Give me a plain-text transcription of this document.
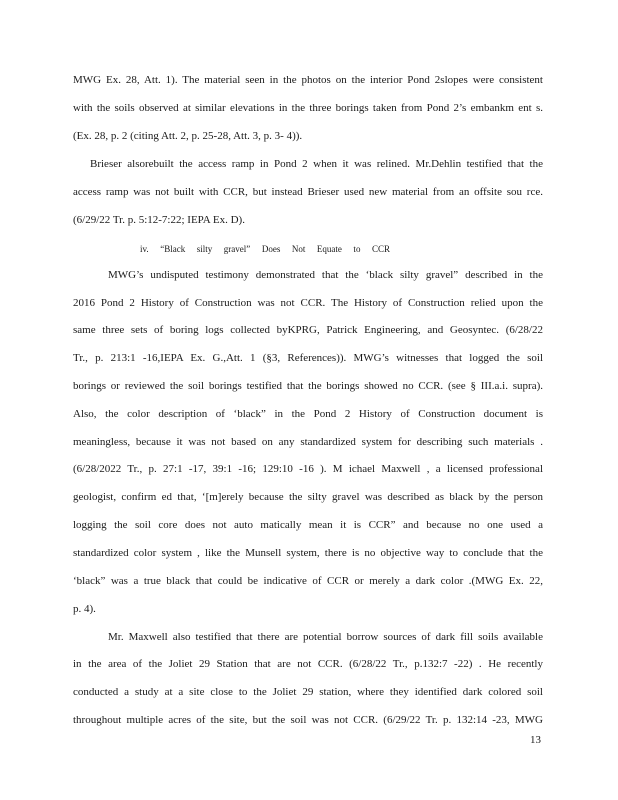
MWG Ex. 28, Att. 1). The material seen in the photos on the interior Pond 2slopes were consistent
with the soils observed at similar elevations in the three borings taken from Pond 2’s embankm ent s.
(Ex. 28, p. 2 (citing Att. 2, p. 25-28, Att. 3, p. 3- 4)).
Brieser alsorebuilt the access ramp in Pond 2 when it was relined. Mr.Dehlin testified that the
access ramp was not built with CCR, but instead Brieser used new material from an offsite sou rce.
(6/29/22 Tr. p. 5:12-7:22; IEPA Ex. D).
iv. “Black silty gravel” Does Not Equate to CCR
MWG’s undisputed testimony demonstrated that the ‘black silty gravel” described in the
2016 Pond 2 History of Construction was not CCR. The History of Construction relied upon the
same three sets of boring logs collected byKPRG, Patrick Engineering, and Geosyntec. (6/28/22
Tr., p. 213:1 -16,IEPA Ex. G.,Att. 1 (§3, References)). MWG’s witnesses that logged the soil
borings or reviewed the soil borings testified that the borings showed no CCR. (see § III.a.i. supra).
Also, the color description of ‘black” in the Pond 2 History of Construction document is
meaningless, because it was not based on any standardized system for describing such materials .
(6/28/2022 Tr., p. 27:1 -17, 39:1 -16; 129:10 -16 ). M ichael Maxwell , a licensed professional
geologist, confirm ed that, ‘[m]erely because the silty gravel was described as black by the person
logging the soil core does not auto matically mean it is CCR” and because no one used a
standardized color system , like the Munsell system, there is no objective way to conclude that the
‘black” was a true black that could be indicative of CCR or merely a dark color .(MWG Ex. 22,
p. 4).
Mr. Maxwell also testified that there are potential borrow sources of dark fill soils available
in the area of the Joliet 29 Station that are not CCR. (6/28/22 Tr., p.132:7 -22) . He recently
conducted a study at a site close to the Joliet 29 station, where they identified dark colored soil
throughout multiple acres of the site, but the soil was not CCR. (6/29/22 Tr. p. 132:14 -23, MWG
13
